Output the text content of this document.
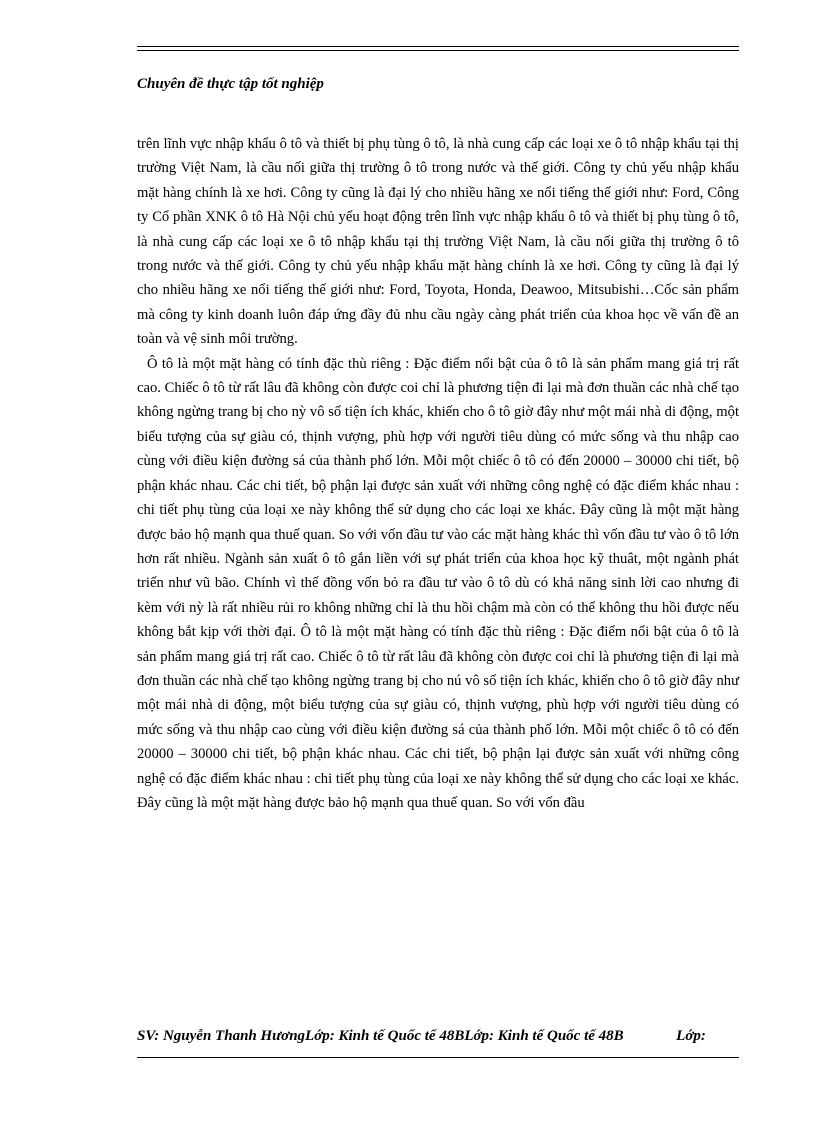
Chuyên đề thực tập tốt nghiệp

trên lĩnh vực nhập khẩu ô tô và thiết bị phụ tùng ô tô, là nhà cung cấp các loại xe ô tô nhập khẩu tại thị trường Việt Nam, là cầu nối giữa thị trường ô tô trong nước và thế giới. Công ty chủ yếu nhập khẩu mặt hàng chính là xe hơi. Công ty cũng là đại lý cho nhiều hãng xe nổi tiếng thế giới như: Ford, Công ty Cổ phần XNK ô tô Hà Nội chủ yếu hoạt động trên lĩnh vực nhập khẩu ô tô và thiết bị phụ tùng ô tô, là nhà cung cấp các loại xe ô tô nhập khẩu tại thị trường Việt Nam, là cầu nối giữa thị trường ô tô trong nước và thế giới. Công ty chủ yếu nhập khẩu mặt hàng chính là xe hơi. Công ty cũng là đại lý cho nhiều hãng xe nổi tiếng thế giới như: Ford, Toyota, Honda, Deawoo, Mitsubishi…Cốc sản phẩm mà công ty kinh doanh luôn đáp ứng đầy đủ nhu cầu ngày càng phát triển của khoa học về vấn đề an toàn và vệ sinh môi trường.

Ô tô là một mặt hàng có tính đặc thù riêng : Đặc điểm nổi bật của ô tô là sản phẩm mang giá trị rất cao. Chiếc ô tô từ rất lâu đã không còn được coi chỉ là phương tiện đi lại mà đơn thuần các nhà chế tạo không ngừng trang bị cho nỳ vô số tiện ích khác, khiến cho ô tô giờ đây như một mái nhà di động, một biểu tượng của sự giàu có, thịnh vượng, phù hợp với người tiêu dùng có mức sống và thu nhập cao cùng với điều kiện đường sá của thành phố lớn. Mỗi một chiếc ô tô có đến 20000 – 30000 chi tiết, bộ phận khác nhau. Các chi tiết, bộ phận lại được sản xuất với những công nghệ có đặc điểm khác nhau : chi tiết phụ tùng của loại xe này không thể sử dụng cho các loại xe khác. Đây cũng là một mặt hàng được bảo hộ mạnh qua thuế quan. So với vốn đầu tư vào các mặt hàng khác thì vốn đầu tư vào ô tô lớn hơn rất nhiều. Ngành sản xuất ô tô gắn liền với sự phát triển của khoa học kỹ thuât, một ngành phát triển như vũ bão. Chính vì thế đồng vốn bỏ ra đầu tư vào ô tô dù có khả năng sinh lời cao nhưng đi kèm với nỳ là rất nhiều rủi ro không những chỉ là thu hồi chậm mà còn có thể không thu hồi được nếu không bắt kịp với thời đại. Ô tô là một mặt hàng có tính đặc thù riêng : Đặc điểm nổi bật của ô tô là sản phẩm mang giá trị rất cao. Chiếc ô tô từ rất lâu đã không còn được coi chỉ là phương tiện đi lại mà đơn thuần các nhà chế tạo không ngừng trang bị cho nú vô số tiện ích khác, khiến cho ô tô giờ đây như một mái nhà di động, một biểu tượng của sự giàu có, thịnh vượng, phù hợp với người tiêu dùng có mức sống và thu nhập cao cùng với điều kiện đường sá của thành phố lớn. Mỗi một chiếc ô tô có đến 20000 – 30000 chi tiết, bộ phận khác nhau. Các chi tiết, bộ phận lại được sản xuất với những công nghệ có đặc điểm khác nhau : chi tiết phụ tùng của loại xe này không thể sử dụng cho các loại xe khác. Đây cũng là một mặt hàng được bảo hộ mạnh qua thuế quan. So với vốn đầu

SV: Nguyễn Thanh HươngLớp: Kinh tế Quốc tế 48BLớp: Kinh tế Quốc tế 48B              Lớp:
